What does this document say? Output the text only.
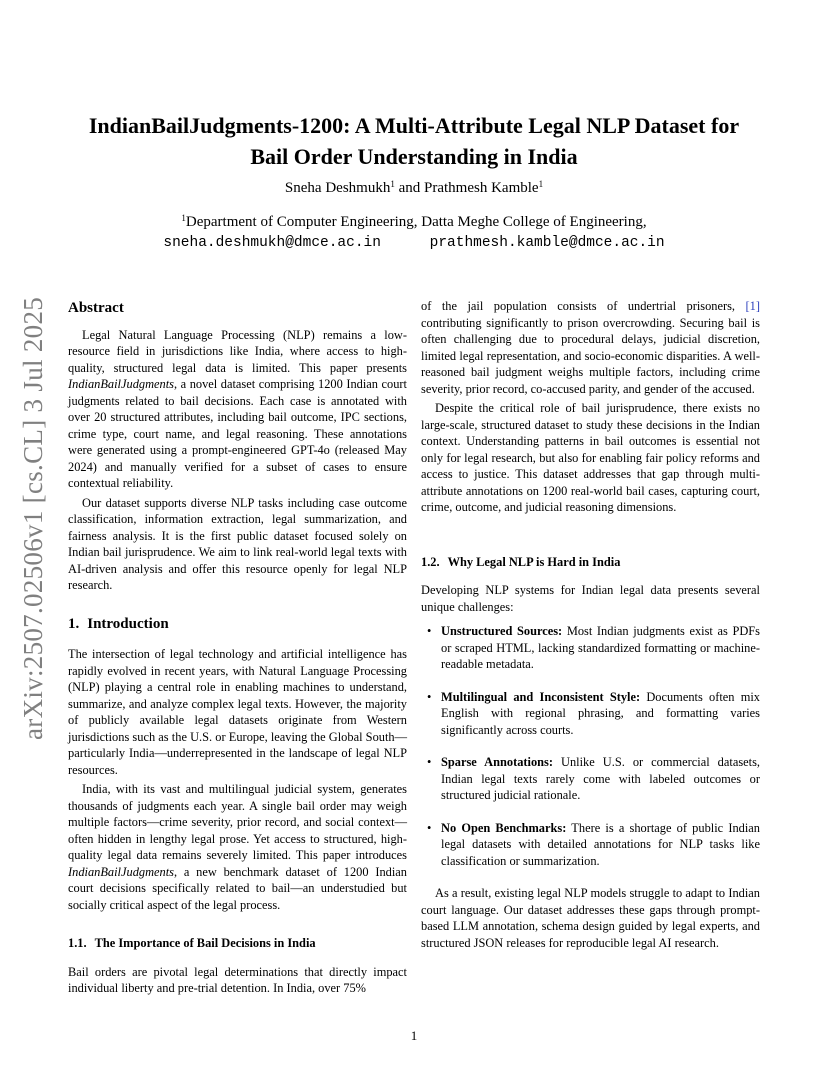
arXiv:2507.02506v1 [cs.CL] 3 Jul 2025
IndianBailJudgments-1200: A Multi-Attribute Legal NLP Dataset for
Bail Order Understanding in India
Sneha Deshmukh$^1$ and Prathmesh Kamble$^1$
$^1$Department of Computer Engineering, Datta Meghe College of Engineering,
sneha.deshmukh@dmce.ac.in	prathmesh.kamble@dmce.ac.in
Abstract

Legal Natural Language Processing (NLP) remains a low-resource field in jurisdictions like India, where access to high-quality, structured legal data is limited. This paper presents IndianBailJudgments, a novel dataset comprising 1200 Indian court judgments related to bail decisions. Each case is annotated with over 20 structured attributes, including bail outcome, IPC sections, crime type, court name, and legal reasoning. These annotations were generated using a prompt-engineered GPT-4o (released May 2024) and manually verified for a subset of cases to ensure contextual reliability.

Our dataset supports diverse NLP tasks including case outcome classification, information extraction, legal summarization, and fairness analysis. It is the first public dataset focused solely on Indian bail jurisprudence. We aim to link real-world legal texts with AI-driven analysis and offer this resource openly for legal NLP research.

1. Introduction

The intersection of legal technology and artificial intelligence has rapidly evolved in recent years, with Natural Language Processing (NLP) playing a central role in enabling machines to understand, summarize, and analyze complex legal texts. However, the majority of publicly available legal datasets originate from Western jurisdictions such as the U.S. or Europe, leaving the Global South—particularly India—underrepresented in the landscape of legal NLP resources.

India, with its vast and multilingual judicial system, generates thousands of judgments each year. A single bail order may weigh multiple factors—crime severity, prior record, and social context—often hidden in lengthy legal prose. Yet access to structured, high-quality legal data remains severely limited. This paper introduces IndianBailJudgments, a new benchmark dataset of 1200 Indian court decisions specifically related to bail—an understudied but socially critical aspect of the legal process.

1.1. The Importance of Bail Decisions in India

Bail orders are pivotal legal determinations that directly impact individual liberty and pre-trial detention. In India, over 75%

of the jail population consists of undertrial prisoners, [1] contributing significantly to prison overcrowding. Securing bail is often challenging due to procedural delays, judicial discretion, limited legal representation, and socio-economic disparities. A well-reasoned bail judgment weighs multiple factors, including crime severity, prior record, co-accused parity, and gender of the accused.

Despite the critical role of bail jurisprudence, there exists no large-scale, structured dataset to study these decisions in the Indian context. Understanding patterns in bail outcomes is essential not only for legal research, but also for enabling fair policy reforms and access to justice. This dataset addresses that gap through multi-attribute annotations on 1200 real-world bail cases, capturing court, crime, outcome, and judicial reasoning dimensions.

1.2. Why Legal NLP is Hard in India

Developing NLP systems for Indian legal data presents several unique challenges:

• Unstructured Sources: Most Indian judgments exist as PDFs or scraped HTML, lacking standardized formatting or machine-readable metadata.
• Multilingual and Inconsistent Style: Documents often mix English with regional phrasing, and formatting varies significantly across courts.
• Sparse Annotations: Unlike U.S. or commercial datasets, Indian legal texts rarely come with labeled outcomes or structured judicial rationale.
• No Open Benchmarks: There is a shortage of public Indian legal datasets with detailed annotations for NLP tasks like classification or summarization.

As a result, existing legal NLP models struggle to adapt to Indian court language. Our dataset addresses these gaps through prompt-based LLM annotation, schema design guided by legal experts, and structured JSON releases for reproducible legal AI research.

1
